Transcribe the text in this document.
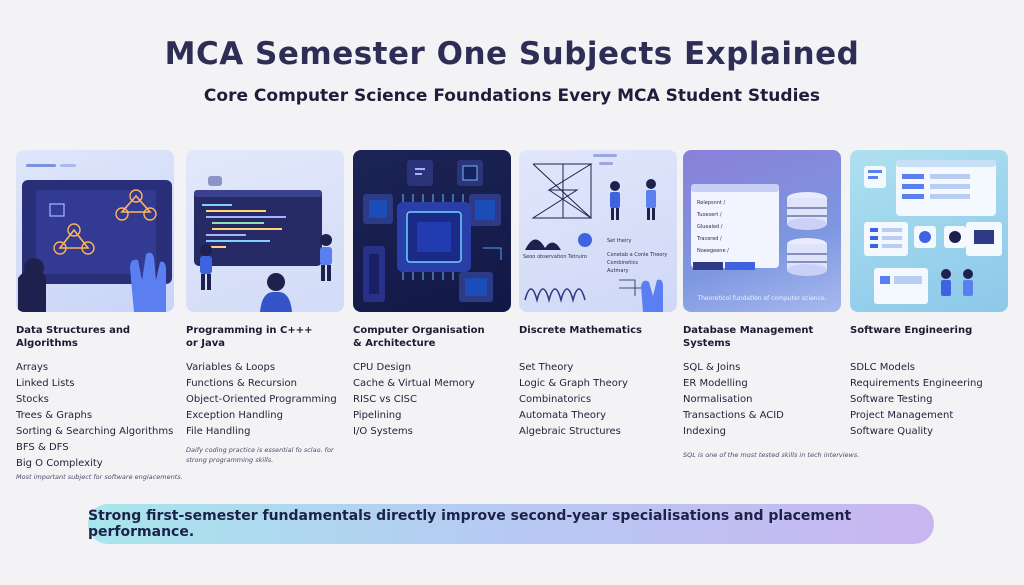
MCA Semester One Subjects Explained
Core Computer Science Foundations Every MCA Student Studies
Data Structures and Algorithms
Arrays
Linked Lists
Stocks
Trees & Graphs
Sorting & Searching Algorithms
BFS & DFS
Big O Complexity
Most important subject for software engiacements.
Programming in C+++ or Java
Variables & Loops
Functions & Recursion
Object-Oriented Programming
Exception Handling
File Handling
Daify coding practice is essential fo sclao. for strong programming skills.
Computer Organisation & Architecture
CPU Design
Cache & Virtual Memory
RISC vs CISC
Pipelining
I/O Systems
Set theiry
Conetab a Conle Theory
Combinetics
Autmary
Seoo observation Tetruiro
Discrete Mathematics
Set Theory
Logic & Graph Theory
Combinatorics
Automata Theory
Algebraic Structures
Relepsnnt /
Tuoesert /
Gluealed /
Tracered /
Noeegeene /
Theoreticol fundatlon of computer science.
Database Management Systems
SQL & Joins
ER Modelling
Normalisation
Transactions & ACID
Indexing
SQL is one of the most tested skills in tech interviews.
Software Engineering
SDLC Models
Requirements Engineering
Software Testing
Project Management
Software Quality
Strong first-semester fundamentals directly improve second-year specialisations and placement performance.
